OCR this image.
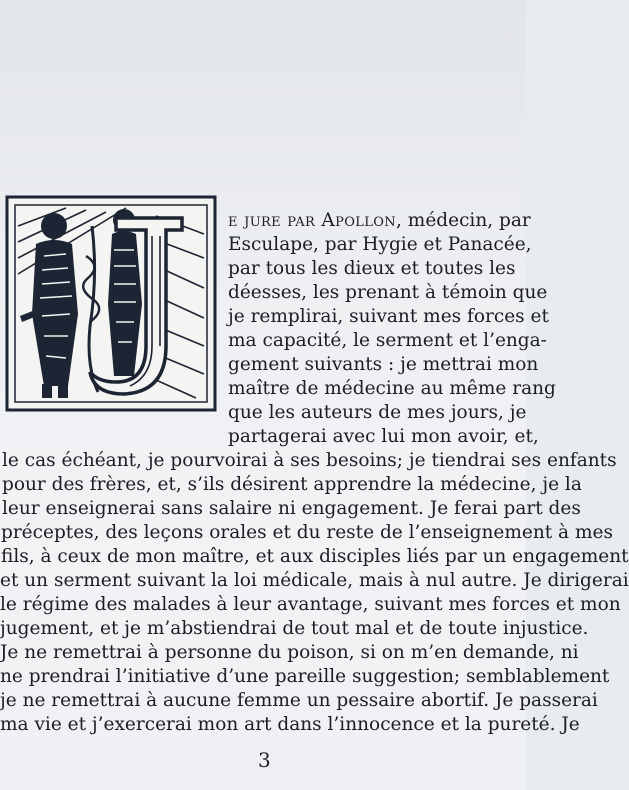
e jure par Apollon, médecin, par
Esculape, par Hygie et Panacée,
par tous les dieux et toutes les
déesses, les prenant à témoin que
je remplirai, suivant mes forces et
ma capacité, le serment et l’enga-
gement suivants : je mettrai mon
maître de médecine au même rang
que les auteurs de mes jours, je
partagerai avec lui mon avoir, et,
le cas échéant, je pourvoirai à ses besoins; je tiendrai ses enfants
pour des frères, et, s’ils désirent apprendre la médecine, je la
leur enseignerai sans salaire ni engagement. Je ferai part des
préceptes, des leçons orales et du reste de l’enseignement à mes
fils, à ceux de mon maître, et aux disciples liés par un engagement
et un serment suivant la loi médicale, mais à nul autre. Je dirigerai
le régime des malades à leur avantage, suivant mes forces et mon
jugement, et je m’abstiendrai de tout mal et de toute injustice.
Je ne remettrai à personne du poison, si on m’en demande, ni
ne prendrai l’initiative d’une pareille suggestion; semblablement
je ne remettrai à aucune femme un pessaire abortif. Je passerai
ma vie et j’exercerai mon art dans l’innocence et la pureté. Je
3
